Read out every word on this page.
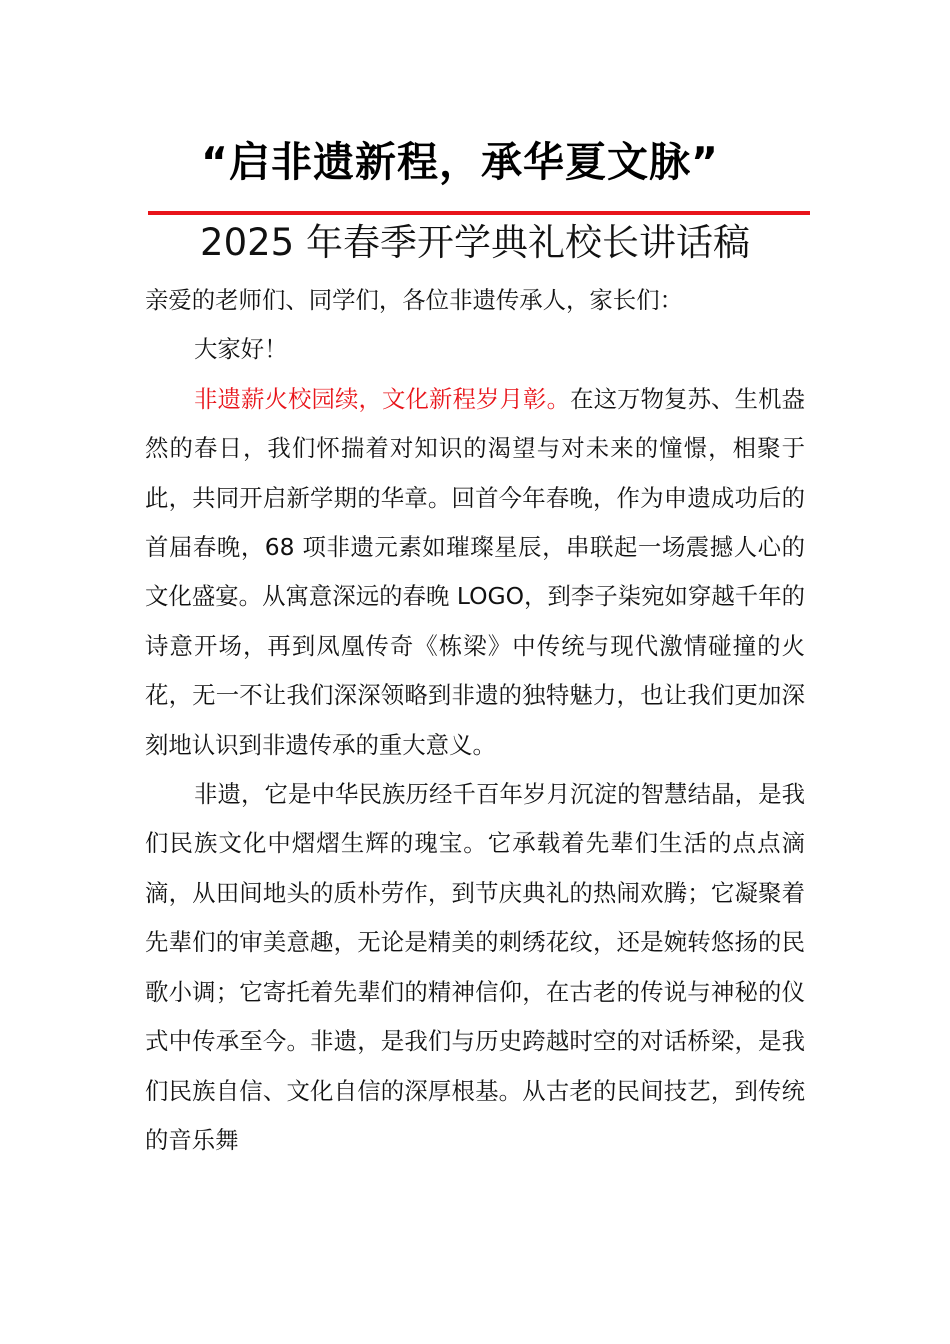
“启非遗新程，承华夏文脉”
2025 年春季开学典礼校长讲话稿

亲爱的老师们、同学们，各位非遗传承人，家长们：

大家好！

非遗薪火校园续，文化新程岁月彰。在这万物复苏、生机盎然的春日，我们怀揣着对知识的渴望与对未来的憧憬，相聚于此，共同开启新学期的华章。回首今年春晚，作为申遗成功后的首届春晚，68 项非遗元素如璀璨星辰，串联起一场震撼人心的文化盛宴。从寓意深远的春晚 LOGO，到李子柒宛如穿越千年的诗意开场，再到凤凰传奇《栋梁》中传统与现代激情碰撞的火花，无一不让我们深深领略到非遗的独特魅力，也让我们更加深刻地认识到非遗传承的重大意义。

非遗，它是中华民族历经千百年岁月沉淀的智慧结晶，是我们民族文化中熠熠生辉的瑰宝。它承载着先辈们生活的点点滴滴，从田间地头的质朴劳作，到节庆典礼的热闹欢腾；它凝聚着先辈们的审美意趣，无论是精美的刺绣花纹，还是婉转悠扬的民歌小调；它寄托着先辈们的精神信仰，在古老的传说与神秘的仪式中传承至今。非遗，是我们与历史跨越时空的对话桥梁，是我们民族自信、文化自信的深厚根基。从古老的民间技艺，到传统的音乐舞
